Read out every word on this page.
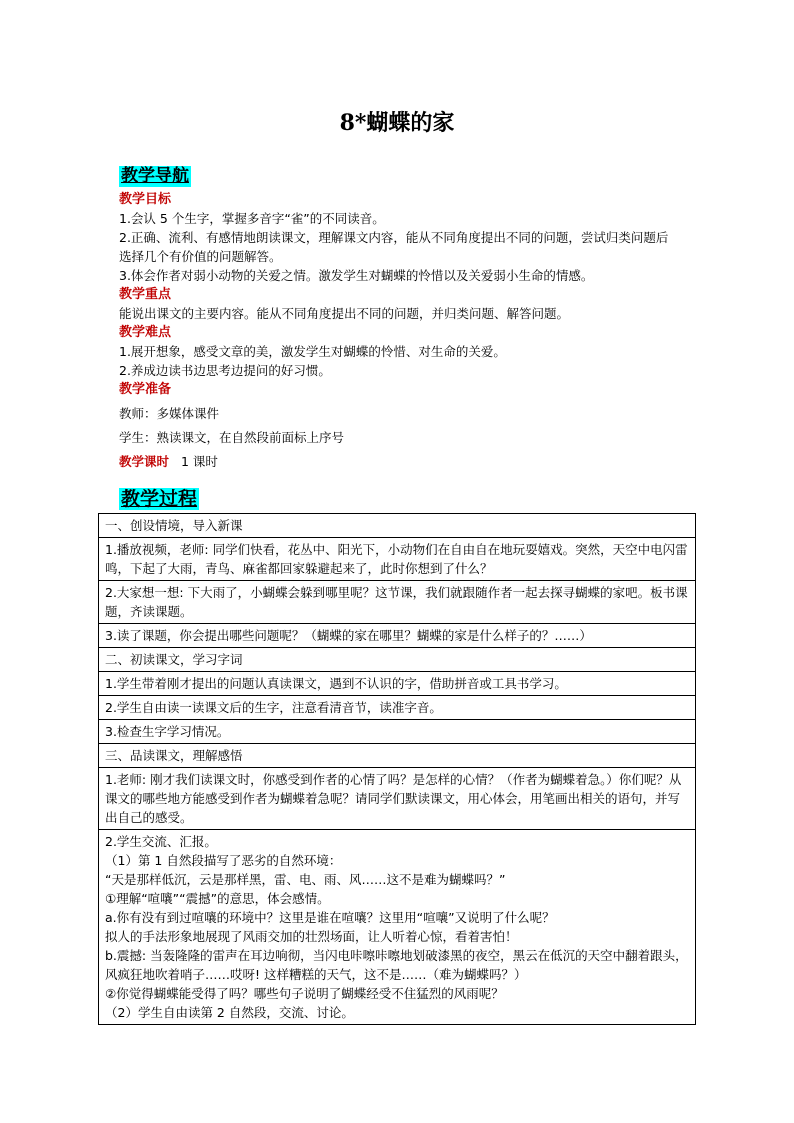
8*蝴蝶的家
教学导航
教学目标
1.会认 5 个生字，掌握多音字“雀”的不同读音。
2.正确、流利、有感情地朗读课文，理解课文内容，能从不同角度提出不同的问题，尝试归类问题后选择几个有价值的问题解答。
3.体会作者对弱小动物的关爱之情。激发学生对蝴蝶的怜惜以及关爱弱小生命的情感。
教学重点
能说出课文的主要内容。能从不同角度提出不同的问题，并归类问题、解答问题。
教学难点
1.展开想象，感受文章的美，激发学生对蝴蝶的怜惜、对生命的关爱。
2.养成边读书边思考边提问的好习惯。
教学准备
教师：多媒体课件
学生：熟读课文，在自然段前面标上序号
教学课时 1 课时
教学过程
一、创设情境，导入新课

1.播放视频，老师: 同学们快看，花丛中、阳光下，小动物们在自由自在地玩耍嬉戏。突然，天空中电闪雷鸣，下起了大雨，青鸟、麻雀都回家躲避起来了，此时你想到了什么？

2.大家想一想: 下大雨了，小蝴蝶会躲到哪里呢？这节课，我们就跟随作者一起去探寻蝴蝶的家吧。板书课题，齐读课题。

3.读了课题，你会提出哪些问题呢？（蝴蝶的家在哪里？蝴蝶的家是什么样子的？……）

二、初读课文，学习字词

1.学生带着刚才提出的问题认真读课文，遇到不认识的字，借助拼音或工具书学习。

2.学生自由读一读课文后的生字，注意看清音节，读准字音。

3.检查生字学习情况。

三、品读课文，理解感悟

1.老师: 刚才我们读课文时，你感受到作者的心情了吗？是怎样的心情？（作者为蝴蝶着急。）你们呢？从课文的哪些地方能感受到作者为蝴蝶着急呢？请同学们默读课文，用心体会，用笔画出相关的语句，并写出自己的感受。

2.学生交流、汇报。
（1）第 1 自然段描写了恶劣的自然环境：
“天是那样低沉，云是那样黑，雷、电、雨、风……这不是难为蝴蝶吗？”
①理解“喧嚷”“震撼”的意思，体会感情。
a.你有没有到过喧嚷的环境中？这里是谁在喧嚷？这里用“喧嚷”又说明了什么呢？
拟人的手法形象地展现了风雨交加的壮烈场面，让人听着心惊，看着害怕！
b.震撼: 当轰隆隆的雷声在耳边响彻，当闪电咔嚓咔嚓地划破漆黑的夜空，黑云在低沉的天空中翻着跟头，风疯狂地吹着哨子……哎呀! 这样糟糕的天气，这不是……（难为蝴蝶吗？）
②你觉得蝴蝶能受得了吗？哪些句子说明了蝴蝶经受不住猛烈的风雨呢？
（2）学生自由读第 2 自然段，交流、讨论。
